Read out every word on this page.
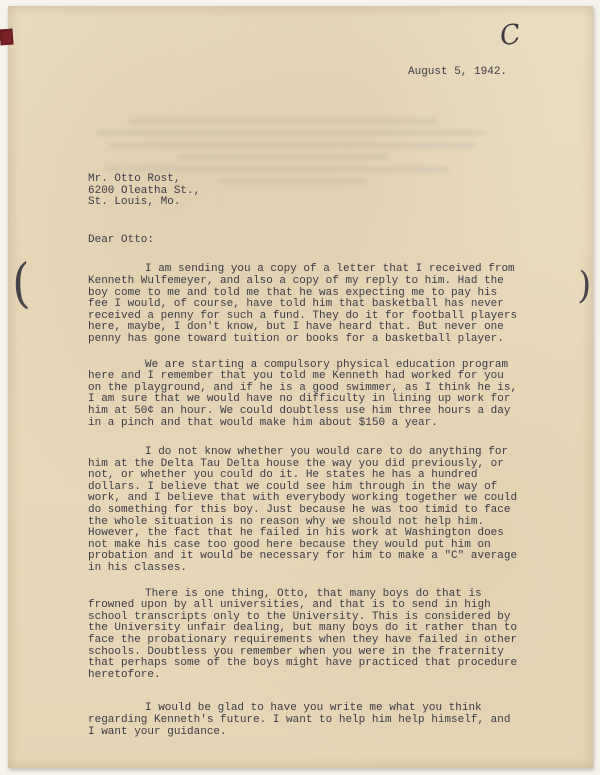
C
August 5, 1942.
Mr. Otto Rost,
6200 Oleatha St.,
St. Louis, Mo.
Dear Otto:

I am sending you a copy of a letter that I received from Kenneth Wulfemeyer, and also a copy of my reply to him. Had the boy come to me and told me that he was expecting me to pay his fee I would, of course, have told him that basketball has never received a penny for such a fund. They do it for football players here, maybe, I don't know, but I have heard that. But never one penny has gone toward tuition or books for a basketball player.

We are starting a compulsory physical education program here and I remember that you told me Kenneth had worked for you on the playground, and if he is a good swimmer, as I think he is, I am sure that we would have no difficulty in lining up work for him at 50¢ an hour. We could doubtless use him three hours a day in a pinch and that would make him about $150 a year.

I do not know whether you would care to do anything for him at the Delta Tau Delta house the way you did previously, or not, or whether you could do it. He states he has a hundred dollars. I believe that we could see him through in the way of work, and I believe that with everybody working together we could do something for this boy. Just because he was too timid to face the whole situation is no reason why we should not help him. However, the fact that he failed in his work at Washington does not make his case too good here because they would put him on probation and it would be necessary for him to make a "C" average in his classes.

There is one thing, Otto, that many boys do that is frowned upon by all universities, and that is to send in high school transcripts only to the University. This is considered by the University unfair dealing, but many boys do it rather than to face the probationary requirements when they have failed in other schools. Doubtless you remember when you were in the fraternity that perhaps some of the boys might have practiced that procedure heretofore.

I would be glad to have you write me what you think regarding Kenneth's future. I want to help him help himself, and I want your guidance.

(	)
